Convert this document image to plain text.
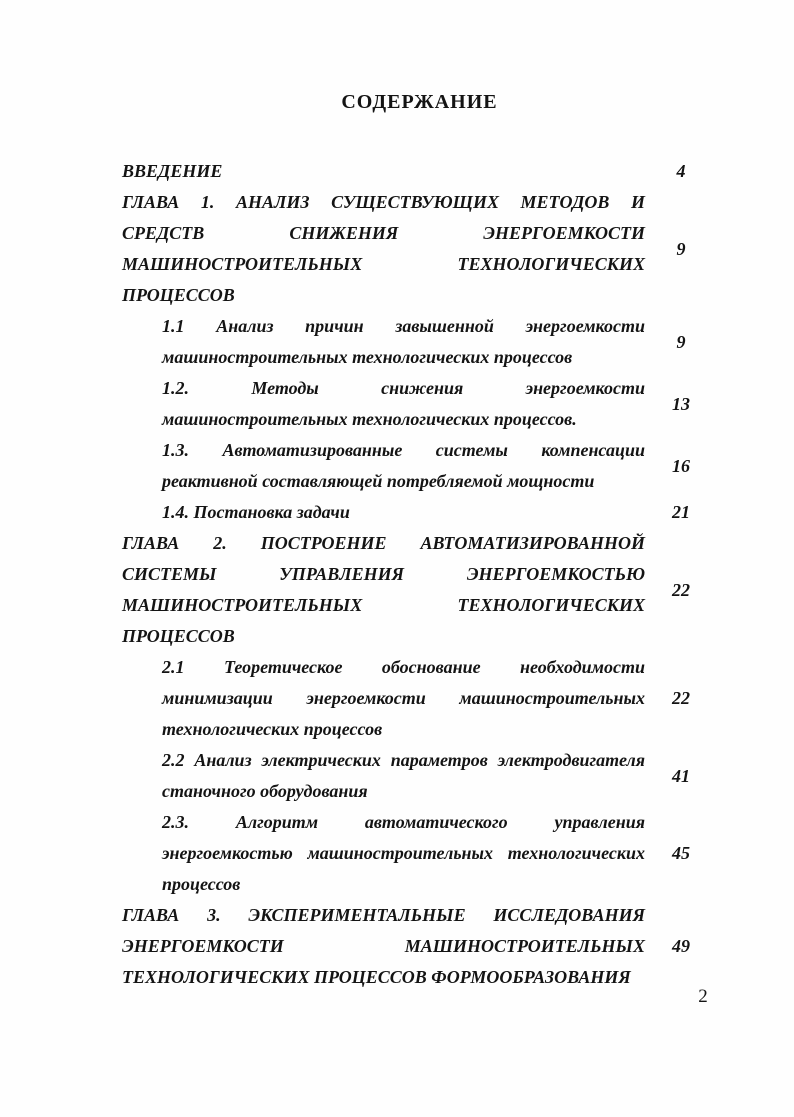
СОДЕРЖАНИЕ
ВВЕДЕНИЕ	4
ГЛАВА 1. АНАЛИЗ СУЩЕСТВУЮЩИХ МЕТОДОВ И
СРЕДСТВ СНИЖЕНИЯ ЭНЕРГОЕМКОСТИ
МАШИНОСТРОИТЕЛЬНЫХ ТЕХНОЛОГИЧЕСКИХ
ПРОЦЕССОВ
9
1.1 Анализ причин завышенной энергоемкости
машиностроительных технологических процессов
9
1.2. Методы снижения энергоемкости
машиностроительных технологических процессов.
13
1.3. Автоматизированные системы компенсации
реактивной составляющей потребляемой мощности
16
1.4. Постановка задачи	21
ГЛАВА 2. ПОСТРОЕНИЕ АВТОМАТИЗИРОВАННОЙ
СИСТЕМЫ УПРАВЛЕНИЯ ЭНЕРГОЕМКОСТЬЮ
МАШИНОСТРОИТЕЛЬНЫХ ТЕХНОЛОГИЧЕСКИХ
ПРОЦЕССОВ
22
2.1 Теоретическое обоснование необходимости
минимизации энергоемкости машиностроительных
технологических процессов
22
2.2 Анализ электрических параметров электродвигателя
станочного оборудования
41
2.3. Алгоритм автоматического управления
энергоемкостью машиностроительных технологических
процессов
45
ГЛАВА 3. ЭКСПЕРИМЕНТАЛЬНЫЕ ИССЛЕДОВАНИЯ
ЭНЕРГОЕМКОСТИ МАШИНОСТРОИТЕЛЬНЫХ
ТЕХНОЛОГИЧЕСКИХ ПРОЦЕССОВ ФОРМООБРАЗОВАНИЯ
49
2
